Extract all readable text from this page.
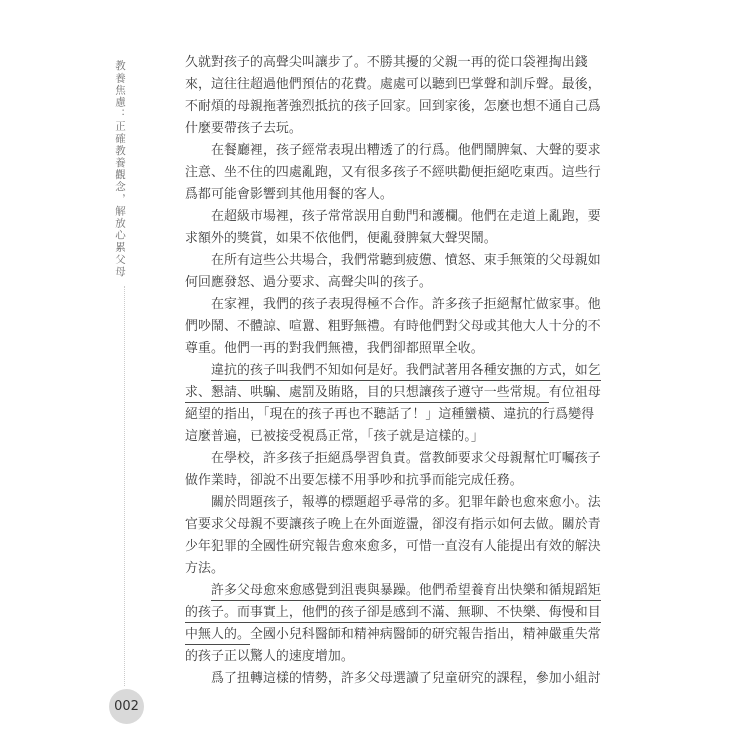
教養焦慮：正確教養觀念，解放心累父母
002
久就對孩子的高聲尖叫讓步了。不勝其擾的父親一再的從口袋裡掏出錢
來，這往往超過他們預估的花費。處處可以聽到巴掌聲和訓斥聲。最後，
不耐煩的母親拖著強烈抵抗的孩子回家。回到家後，怎麼也想不通自己爲
什麼要帶孩子去玩。
在餐廳裡，孩子經常表現出糟透了的行爲。他們鬧脾氣、大聲的要求
注意、坐不住的四處亂跑，又有很多孩子不經哄勸便拒絕吃東西。這些行
爲都可能會影響到其他用餐的客人。
在超級市場裡，孩子常常誤用自動門和護欄。他們在走道上亂跑，要
求額外的獎賞，如果不依他們，便亂發脾氣大聲哭鬧。
在所有這些公共場合，我們常聽到疲憊、憤怒、束手無策的父母親如
何回應發怒、過分要求、高聲尖叫的孩子。
在家裡，我們的孩子表現得極不合作。許多孩子拒絕幫忙做家事。他
們吵鬧、不體諒、喧囂、粗野無禮。有時他們對父母或其他大人十分的不
尊重。他們一再的對我們無禮，我們卻都照單全收。
違抗的孩子叫我們不知如何是好。我們試著用各種安撫的方式，如乞
求、懇請、哄騙、處罰及賄賂，目的只想讓孩子遵守一些常規。有位祖母
絕望的指出，「現在的孩子再也不聽話了！」這種蠻橫、違抗的行爲變得
這麼普遍，已被接受視爲正常，「孩子就是這樣的。」
在學校，許多孩子拒絕爲學習負責。當教師要求父母親幫忙叮囑孩子
做作業時，卻說不出要怎樣不用爭吵和抗爭而能完成任務。
關於問題孩子，報導的標題超乎尋常的多。犯罪年齡也愈來愈小。法
官要求父母親不要讓孩子晚上在外面遊盪，卻沒有指示如何去做。關於青
少年犯罪的全國性研究報告愈來愈多，可惜一直沒有人能提出有效的解決
方法。
許多父母愈來愈感覺到沮喪與暴躁。他們希望養育出快樂和循規蹈矩
的孩子。而事實上，他們的孩子卻是感到不滿、無聊、不快樂、侮慢和目
中無人的。全國小兒科醫師和精神病醫師的研究報告指出，精神嚴重失常
的孩子正以驚人的速度增加。
爲了扭轉這樣的情勢，許多父母選讀了兒童研究的課程，參加小組討
